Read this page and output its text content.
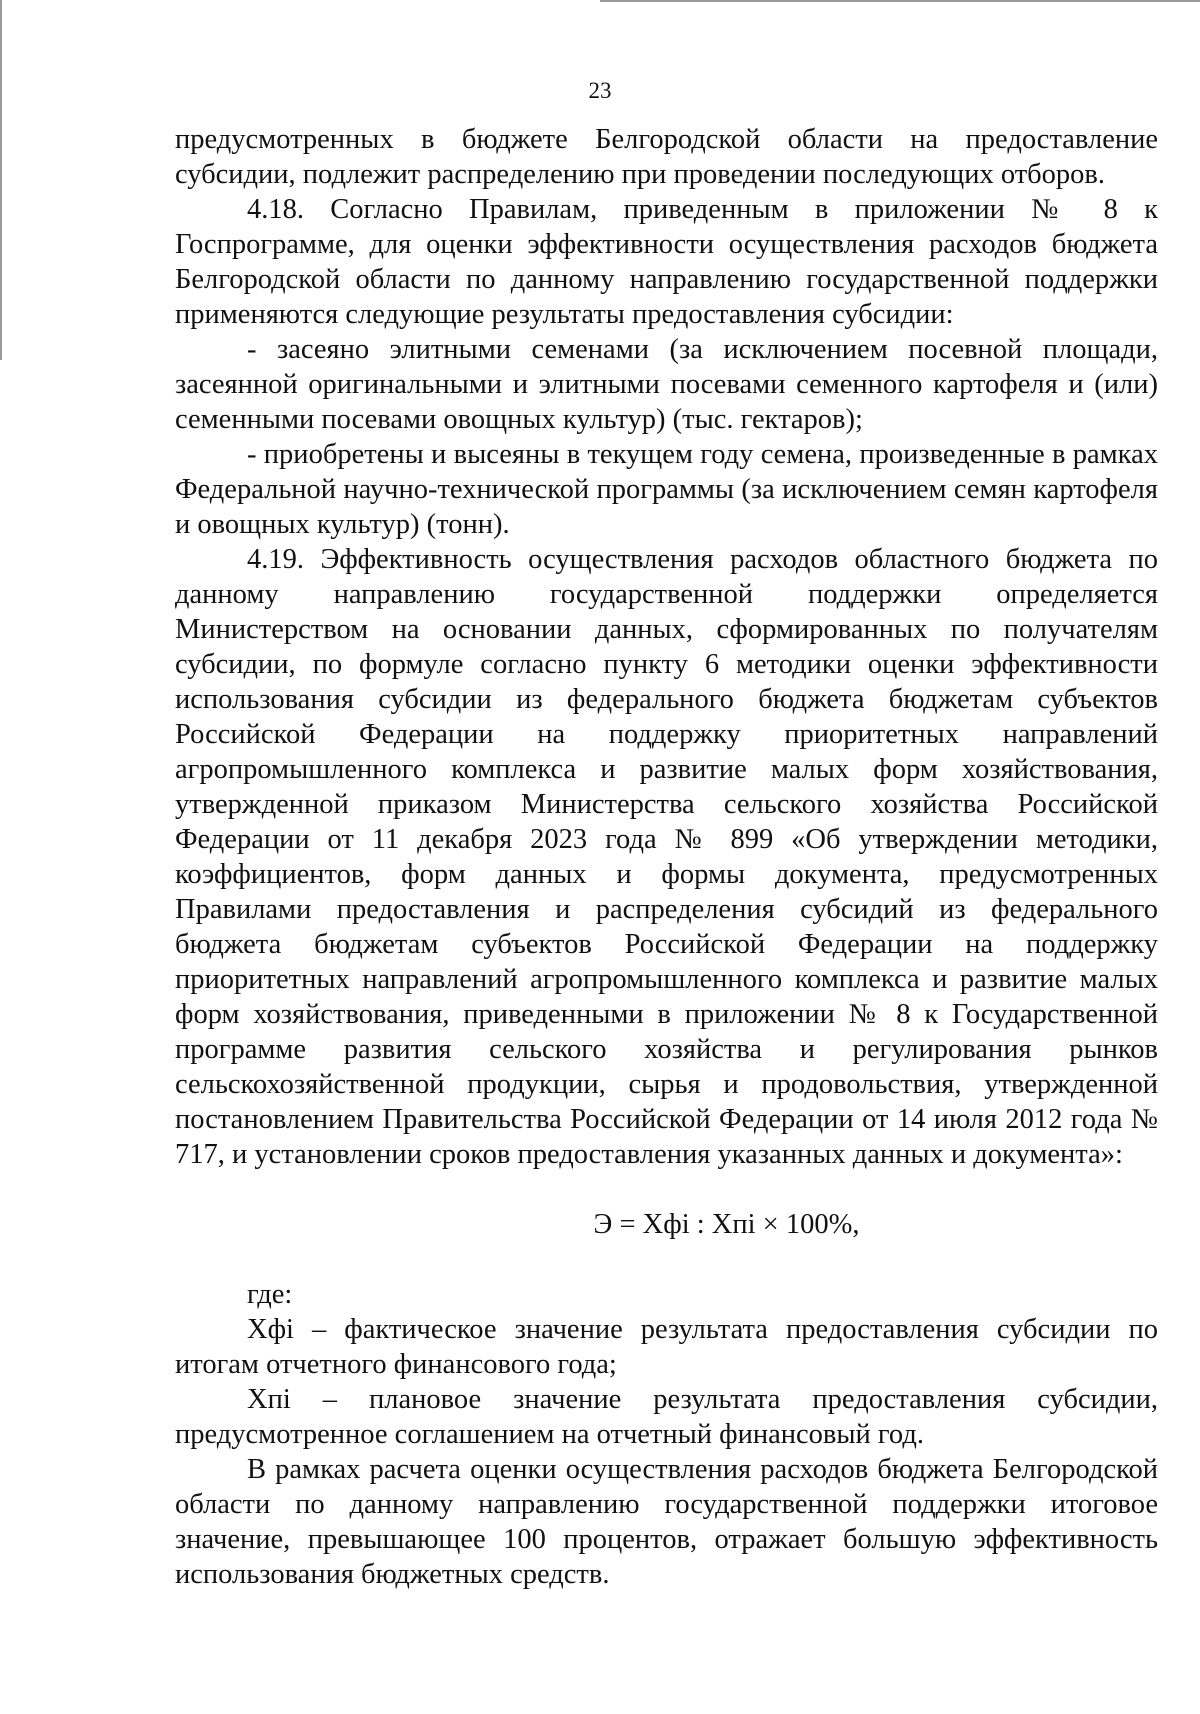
23

предусмотренных в бюджете Белгородской области на предоставление субсидии, подлежит распределению при проведении последующих отборов.

4.18. Согласно Правилам, приведенным в приложении № 8 к Госпрограмме, для оценки эффективности осуществления расходов бюджета Белгородской области по данному направлению государственной поддержки применяются следующие результаты предоставления субсидии:

- засеяно элитными семенами (за исключением посевной площади, засеянной оригинальными и элитными посевами семенного картофеля и (или) семенными посевами овощных культур) (тыс. гектаров);

- приобретены и высеяны в текущем году семена, произведенные в рамках Федеральной научно-технической программы (за исключением семян картофеля и овощных культур) (тонн).

4.19. Эффективность осуществления расходов областного бюджета по данному направлению государственной поддержки определяется Министерством на основании данных, сформированных по получателям субсидии, по формуле согласно пункту 6 методики оценки эффективности использования субсидии из федерального бюджета бюджетам субъектов Российской Федерации на поддержку приоритетных направлений агропромышленного комплекса и развитие малых форм хозяйствования, утвержденной приказом Министерства сельского хозяйства Российской Федерации от 11 декабря 2023 года № 899 «Об утверждении методики, коэффициентов, форм данных и формы документа, предусмотренных Правилами предоставления и распределения субсидий из федерального бюджета бюджетам субъектов Российской Федерации на поддержку приоритетных направлений агропромышленного комплекса и развитие малых форм хозяйствования, приведенными в приложении № 8 к Государственной программе развития сельского хозяйства и регулирования рынков сельскохозяйственной продукции, сырья и продовольствия, утвержденной постановлением Правительства Российской Федерации от 14 июля 2012 года № 717, и установлении сроков предоставления указанных данных и документа»:

Э = Хфі : Хпі × 100%,

где:

Хфі – фактическое значение результата предоставления субсидии по итогам отчетного финансового года;

Хпі – плановое значение результата предоставления субсидии, предусмотренное соглашением на отчетный финансовый год.

В рамках расчета оценки осуществления расходов бюджета Белгородской области по данному направлению государственной поддержки итоговое значение, превышающее 100 процентов, отражает большую эффективность использования бюджетных средств.
